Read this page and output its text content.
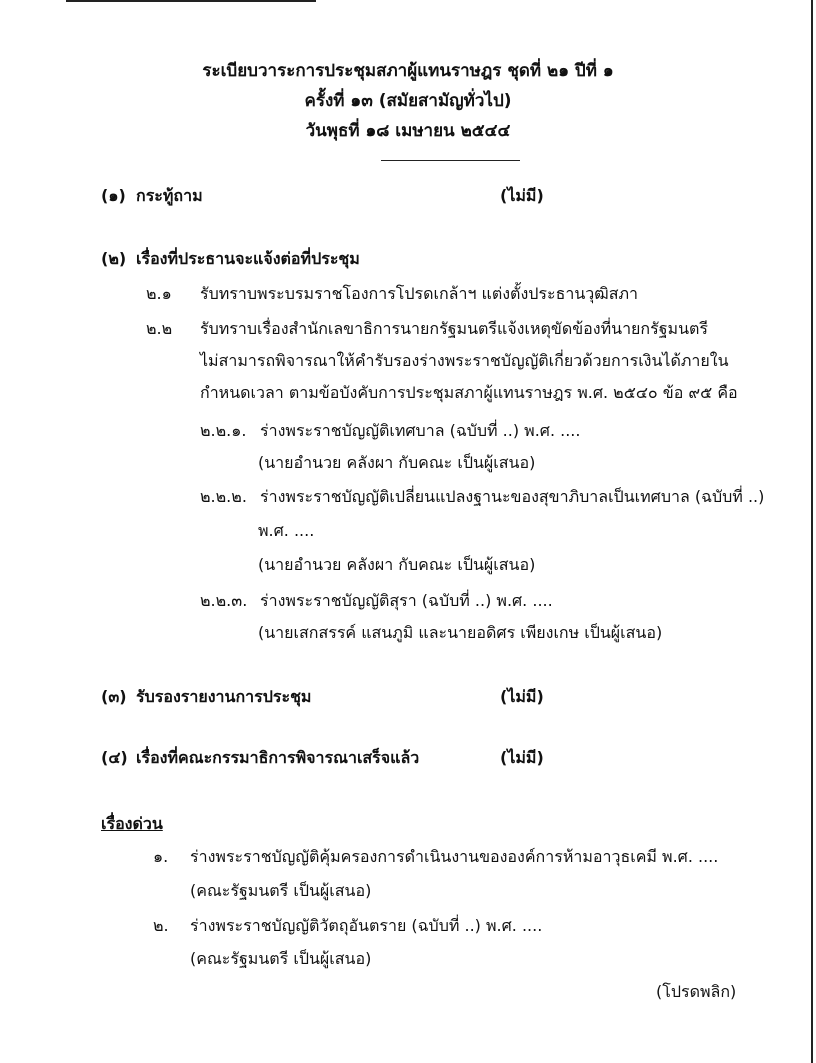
ระเบียบวาระการประชุมสภาผู้แทนราษฎร ชุดที่ ๒๑ ปีที่ ๑
ครั้งที่ ๑๓ (สมัยสามัญทั่วไป)
วันพุธที่ ๑๘ เมษายน ๒๕๔๔
(๑) กระทู้ถาม	(ไม่มี)
(๒) เรื่องที่ประธานจะแจ้งต่อที่ประชุม
๒.๑ รับทราบพระบรมราชโองการโปรดเกล้าฯ แต่งตั้งประธานวุฒิสภา
๒.๒ รับทราบเรื่องสำนักเลขาธิการนายกรัฐมนตรีแจ้งเหตุขัดข้องที่นายกรัฐมนตรี
ไม่สามารถพิจารณาให้คำรับรองร่างพระราชบัญญัติเกี่ยวด้วยการเงินได้ภายใน
กำหนดเวลา ตามข้อบังคับการประชุมสภาผู้แทนราษฎร พ.ศ. ๒๕๔๐ ข้อ ๙๕ คือ
๒.๒.๑. ร่างพระราชบัญญัติเทศบาล (ฉบับที่ ..) พ.ศ. ....
(นายอำนวย คลังผา กับคณะ เป็นผู้เสนอ)
๒.๒.๒. ร่างพระราชบัญญัติเปลี่ยนแปลงฐานะของสุขาภิบาลเป็นเทศบาล (ฉบับที่ ..)
พ.ศ. ....
(นายอำนวย คลังผา กับคณะ เป็นผู้เสนอ)
๒.๒.๓. ร่างพระราชบัญญัติสุรา (ฉบับที่ ..) พ.ศ. ....
(นายเสกสรรค์ แสนภูมิ และนายอดิศร เพียงเกษ เป็นผู้เสนอ)
(๓) รับรองรายงานการประชุม	(ไม่มี)
(๔) เรื่องที่คณะกรรมาธิการพิจารณาเสร็จแล้ว	(ไม่มี)
เรื่องด่วน
๑. ร่างพระราชบัญญัติคุ้มครองการดำเนินงานขององค์การห้ามอาวุธเคมี พ.ศ. ....
(คณะรัฐมนตรี เป็นผู้เสนอ)
๒. ร่างพระราชบัญญัติวัตถุอันตราย (ฉบับที่ ..) พ.ศ. ....
(คณะรัฐมนตรี เป็นผู้เสนอ)
(โปรดพลิก)
